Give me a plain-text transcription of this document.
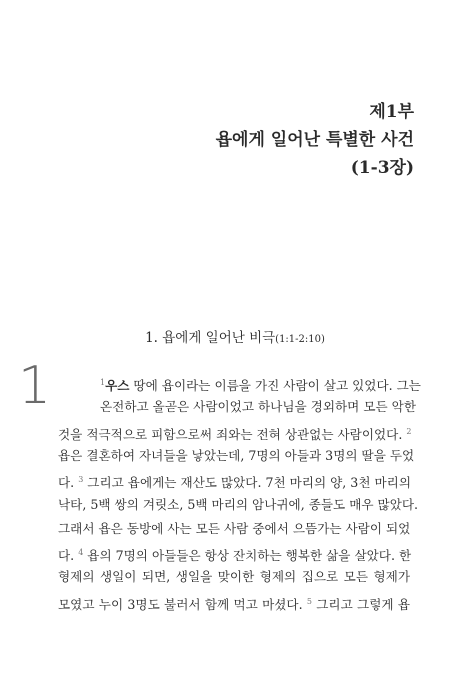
제1부
욥에게 일어난 특별한 사건
(1-3장)
1. 욥에게 일어난 비극(1:1-2:10)
1	$^1$우스 땅에 욥이라는 이름을 가진 사람이 살고 있었다. 그는
온전하고 올곧은 사람이었고 하나님을 경외하며 모든 악한
것을 적극적으로 피함으로써 죄와는 전혀 상관없는 사람이었다. $^2$
욥은 결혼하여 자녀들을 낳았는데, 7명의 아들과 3명의 딸을 두었
다. $^3$ 그리고 욥에게는 재산도 많았다. 7천 마리의 양, 3천 마리의
낙타, 5백 쌍의 겨릿소, 5백 마리의 암나귀에, 종들도 매우 많았다.
그래서 욥은 동방에 사는 모든 사람 중에서 으뜸가는 사람이 되었
다. $^4$ 욥의 7명의 아들들은 항상 잔치하는 행복한 삶을 살았다. 한
형제의 생일이 되면, 생일을 맞이한 형제의 집으로 모든 형제가
모였고 누이 3명도 불러서 함께 먹고 마셨다. $^5$ 그리고 그렇게 욥
